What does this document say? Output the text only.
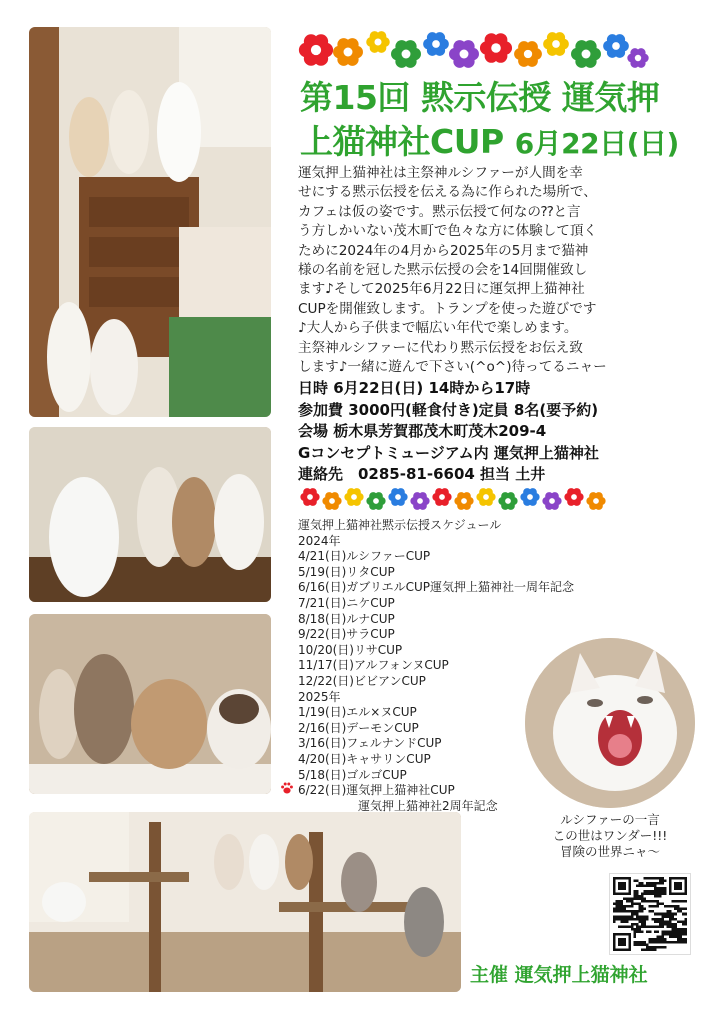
第15回 黙示伝授 運気押
上猫神社CUP 6月22日(日)
運気押上猫神社は主祭神ルシファーが人間を幸
せにする黙示伝授を伝える為に作られた場所で、
カフェは仮の姿です。黙示伝授て何なの⁇と言
う方しかいない茂木町で色々な方に体験して頂く
ために2024年の4月から2025年の5月まで猫神
様の名前を冠した黙示伝授の会を14回開催致し
ます♪そして2025年6月22日に運気押上猫神社
CUPを開催致します。トランプを使った遊びです
♪大人から子供まで幅広い年代で楽しめます。
主祭神ルシファーに代わり黙示伝授をお伝え致
します♪一緒に遊んで下さい(^o^)待ってるニャー
日時 6月22日(日) 14時から17時
参加費 3000円(軽食付き)定員 8名(要予約)
会場 栃木県芳賀郡茂木町茂木209-4
Gコンセプトミュージアム内 運気押上猫神社
連絡先　0285-81-6604 担当 土井
運気押上猫神社黙示伝授スケジュール
2024年
4/21(日)ルシファーCUP
5/19(日)リタCUP
6/16(日)ガブリエルCUP運気押上猫神社一周年記念
7/21(日)ニケCUP
8/18(日)ルナCUP
9/22(日)サラCUP
10/20(日)リサCUP
11/17(日)アルフォンヌCUP
12/22(日)ビビアンCUP
2025年
1/19(日)エル×ヌCUP
2/16(日)デーモンCUP
3/16(日)フェルナンドCUP
4/20(日)キャサリンCUP
5/18(日)ゴルゴCUP
6/22(日)運気押上猫神社CUP
運気押上猫神社2周年記念
ルシファーの一言
この世はワンダー!!!
冒険の世界ニャ〜
主催 運気押上猫神社
